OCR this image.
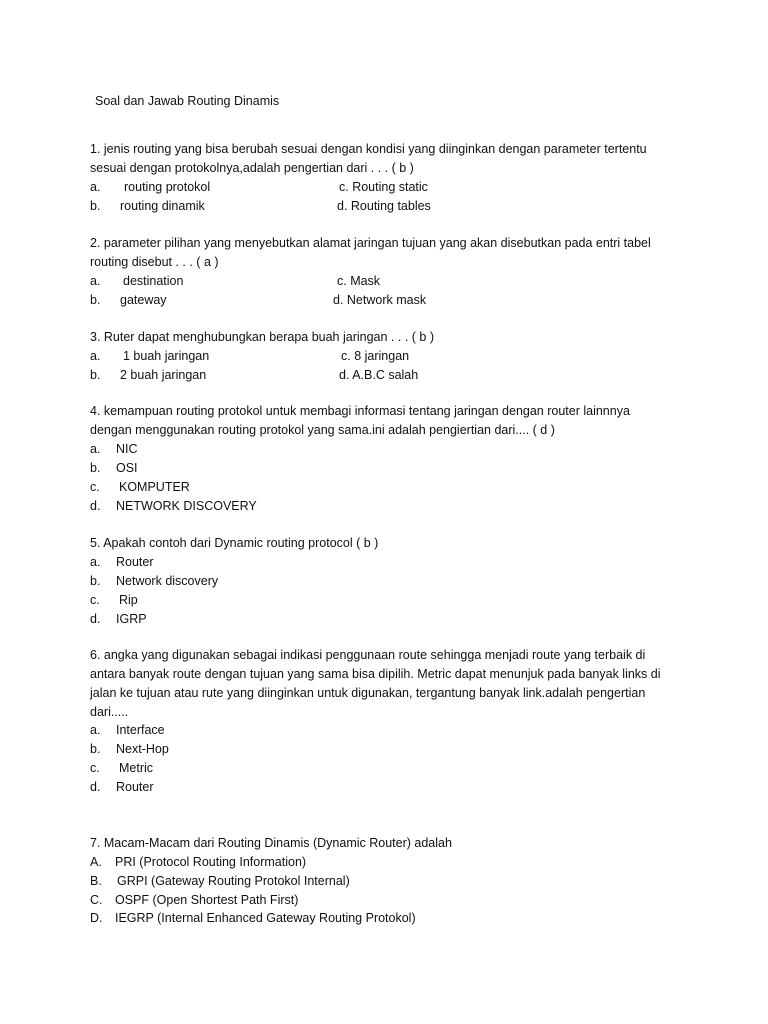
Soal dan Jawab Routing Dinamis
1. jenis routing yang bisa berubah sesuai dengan kondisi yang diinginkan dengan parameter tertentu
sesuai dengan protokolnya,adalah pengertian dari . . . ( b )
a. routing protokol
b. routing dinamik
c. Routing static
d. Routing tables
2. parameter pilihan yang menyebutkan alamat jaringan tujuan yang akan disebutkan pada entri tabel
routing disebut . . . ( a )
a. destination
b. gateway
c. Mask
d. Network mask
3. Ruter dapat menghubungkan berapa buah jaringan . . . ( b )
a. 1 buah jaringan
b. 2 buah jaringan
c. 8 jaringan
d. A.B.C salah
4. kemampuan routing protokol untuk membagi informasi tentang jaringan dengan router lainnnya
dengan menggunakan routing protokol yang sama.ini adalah pengiertian dari.... ( d )
a. NIC
b. OSI
c. KOMPUTER
d. NETWORK DISCOVERY
5. Apakah contoh dari Dynamic routing protocol ( b )
a. Router
b. Network discovery
c. Rip
d. IGRP
6. angka yang digunakan sebagai indikasi penggunaan route sehingga menjadi route yang terbaik di
antara banyak route dengan tujuan yang sama bisa dipilih. Metric dapat menunjuk pada banyak links di
jalan ke tujuan atau rute yang diinginkan untuk digunakan, tergantung banyak link.adalah pengertian
dari.....
a. Interface
b. Next-Hop
c. Metric
d. Router
7. Macam-Macam dari Routing Dinamis (Dynamic Router) adalah
A. PRI (Protocol Routing Information)
B. GRPI (Gateway Routing Protokol Internal)
C. OSPF (Open Shortest Path First)
D. IEGRP (Internal Enhanced Gateway Routing Protokol)
